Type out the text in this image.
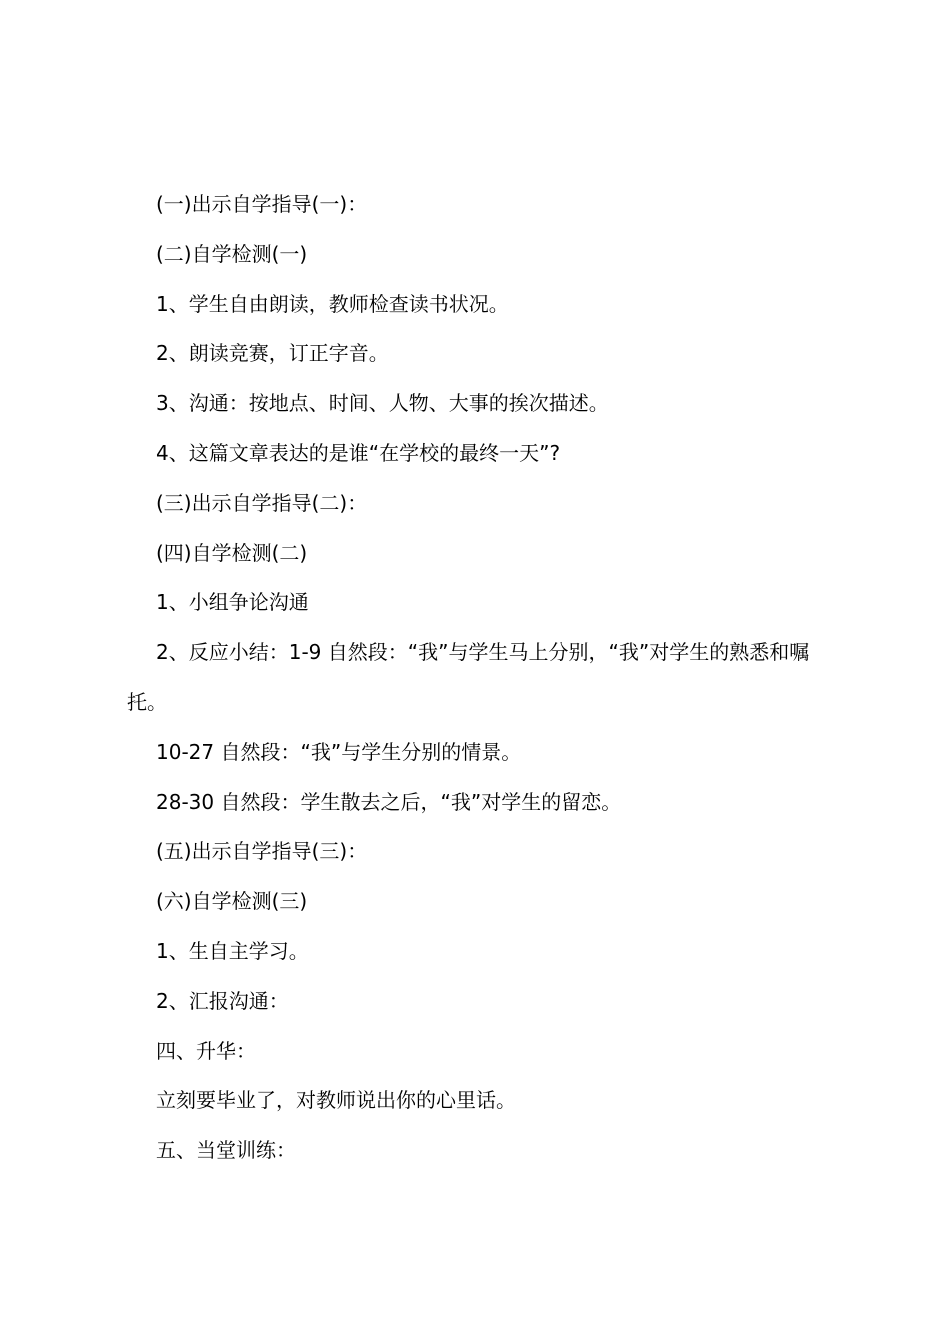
(一)出示自学指导(一)：

(二)自学检测(一)

1、学生自由朗读，教师检查读书状况。

2、朗读竞赛，订正字音。

3、沟通：按地点、时间、人物、大事的挨次描述。

4、这篇文章表达的是谁“在学校的最终一天”?

(三)出示自学指导(二)：

(四)自学检测(二)

1、小组争论沟通

2、反应小结：1-9 自然段：“我”与学生马上分别，“我”对学生的熟悉和嘱托。

10-27 自然段：“我”与学生分别的情景。

28-30 自然段：学生散去之后，“我”对学生的留恋。

(五)出示自学指导(三)：

(六)自学检测(三)

1、生自主学习。

2、汇报沟通：

四、升华：

立刻要毕业了，对教师说出你的心里话。

五、当堂训练：
